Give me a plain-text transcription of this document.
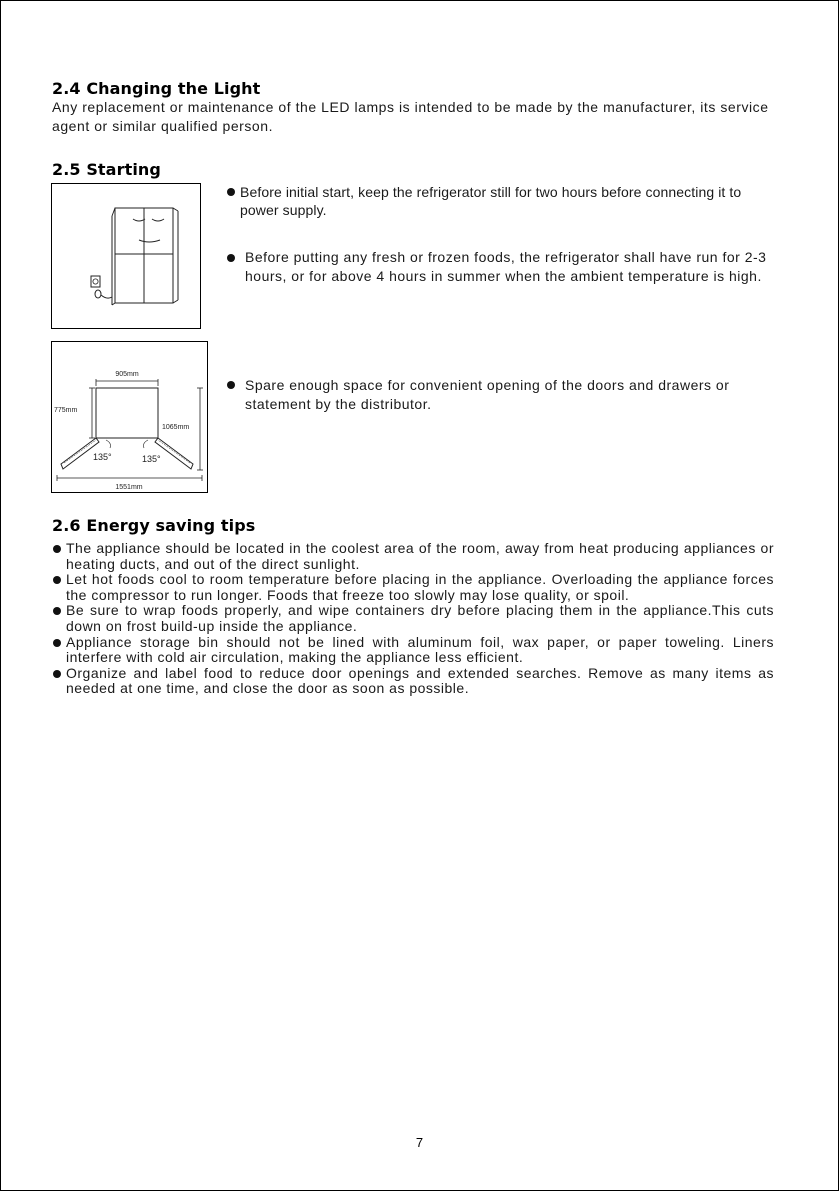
2.4 Changing the Light

Any replacement or maintenance of the LED lamps is intended to be made by the manufacturer, its service agent or similar qualified person.

2.5 Starting

Before initial start, keep the refrigerator still for two hours before connecting it to power supply.

Before putting any fresh or frozen foods, the refrigerator shall have run for 2-3 hours, or for above 4 hours in summer when the ambient temperature is high.

905mm
775mm
1065mm
135°	135°
1551mm

Spare enough space for convenient opening of the doors and drawers or statement by the distributor.

2.6 Energy saving tips
The appliance should be located in the coolest area of the room, away from heat producing appliances or heating ducts, and out of the direct sunlight.
Let hot foods cool to room temperature before placing in the appliance. Overloading the appliance forces the compressor to run longer. Foods that freeze too slowly may lose quality, or spoil.
Be sure to wrap foods properly, and wipe containers dry before placing them in the appliance.This cuts down on frost build-up inside the appliance.
Appliance storage bin should not be lined with aluminum foil, wax paper, or paper toweling. Liners interfere with cold air circulation, making the appliance less efficient.
Organize and label food to reduce door openings and extended searches. Remove as many items as needed at one time, and close the door as soon as possible.
7
